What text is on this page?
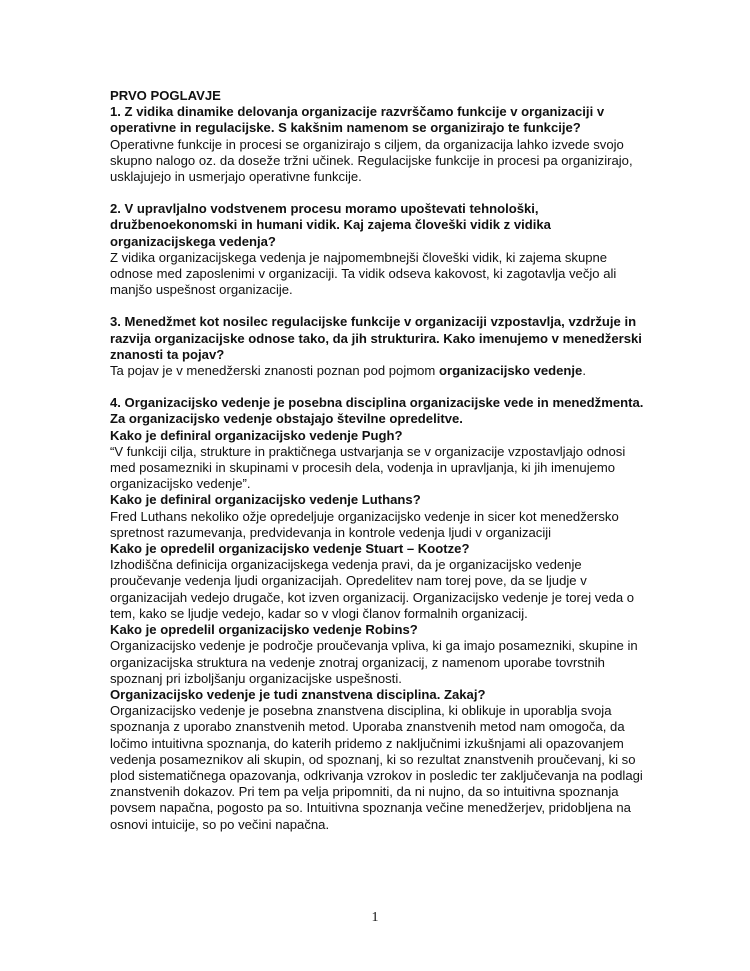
PRVO POGLAVJE

1. Z vidika dinamike delovanja organizacije razvrščamo funkcije v organizaciji v operativne in regulacijske. S kakšnim namenom se organizirajo te funkcije?

Operativne funkcije in procesi se organizirajo s ciljem, da organizacija lahko izvede svojo skupno nalogo oz. da doseže tržni učinek. Regulacijske funkcije in procesi pa organizirajo, usklajujejo in usmerjajo operativne funkcije.

2. V upravljalno vodstvenem procesu moramo upoštevati tehnološki, družbenoekonomski in humani vidik. Kaj zajema človeški vidik z vidika organizacijskega vedenja?

Z vidika organizacijskega vedenja je najpomembnejši človeški vidik, ki zajema skupne odnose med zaposlenimi v organizaciji. Ta vidik odseva kakovost, ki zagotavlja večjo ali manjšo uspešnost organizacije.

3. Menedžmet kot nosilec regulacijske funkcije v organizaciji vzpostavlja, vzdržuje in razvija organizacijske odnose tako, da jih strukturira. Kako imenujemo v menedžerski znanosti ta pojav?

Ta pojav je v menedžerski znanosti poznan pod pojmom organizacijsko vedenje.

4. Organizacijsko vedenje je posebna disciplina organizacijske vede in menedžmenta. Za organizacijsko vedenje obstajajo številne opredelitve.

Kako je definiral organizacijsko vedenje Pugh?

“V funkciji cilja, strukture in praktičnega ustvarjanja se v organizacije vzpostavljajo odnosi med posamezniki in skupinami v procesih dela, vodenja in upravljanja, ki jih imenujemo organizacijsko vedenje”.

Kako je definiral organizacijsko vedenje Luthans?

Fred Luthans nekoliko ožje opredeljuje organizacijsko vedenje in sicer kot menedžersko spretnost razumevanja, predvidevanja in kontrole vedenja ljudi v organizaciji

Kako je opredelil organizacijsko vedenje Stuart – Kootze?

Izhodiščna definicija organizacijskega vedenja pravi, da je organizacijsko vedenje proučevanje vedenja ljudi organizacijah. Opredelitev nam torej pove, da se ljudje v organizacijah vedejo drugače, kot izven organizacij. Organizacijsko vedenje je torej veda o tem, kako se ljudje vedejo, kadar so v vlogi članov formalnih organizacij.

Kako je opredelil organizacijsko vedenje Robins?

Organizacijsko vedenje je področje proučevanja vpliva, ki ga imajo posamezniki, skupine in organizacijska struktura na vedenje znotraj organizacij, z namenom uporabe tovrstnih spoznanj pri izboljšanju organizacijske uspešnosti.

Organizacijsko vedenje je tudi znanstvena disciplina. Zakaj?

Organizacijsko vedenje je posebna znanstvena disciplina, ki oblikuje in uporablja svoja spoznanja z uporabo znanstvenih metod. Uporaba znanstvenih metod nam omogoča, da ločimo intuitivna spoznanja, do katerih pridemo z naključnimi izkušnjami ali opazovanjem vedenja posameznikov ali skupin, od spoznanj, ki so rezultat znanstvenih proučevanj, ki so plod sistematičnega opazovanja, odkrivanja vzrokov in posledic ter zaključevanja na podlagi znanstvenih dokazov. Pri tem pa velja pripomniti, da ni nujno, da so intuitivna spoznanja povsem napačna, pogosto pa so. Intuitivna spoznanja večine menedžerjev, pridobljena na osnovi intuicije, so po večini napačna.

1
